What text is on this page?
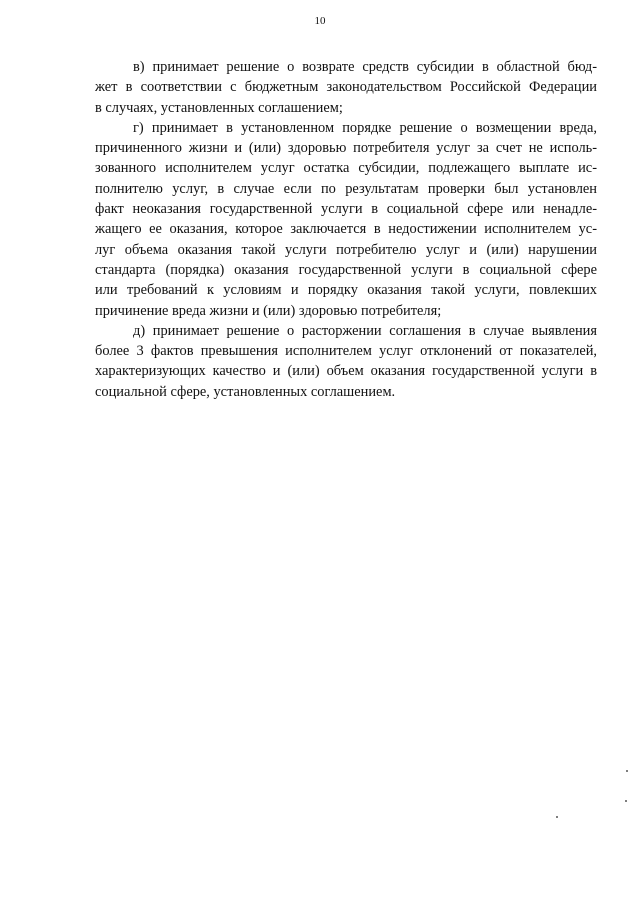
10
в) принимает решение о возврате средств субсидии в областной бюд-
жет в соответствии с бюджетным законодательством Российской Федерации
в случаях, установленных соглашением;
г) принимает в установленном порядке решение о возмещении вреда,
причиненного жизни и (или) здоровью потребителя услуг за счет не исполь-
зованного исполнителем услуг остатка субсидии, подлежащего выплате ис-
полнителю услуг, в случае если по результатам проверки был установлен
факт неоказания государственной услуги в социальной сфере или ненадле-
жащего ее оказания, которое заключается в недостижении исполнителем ус-
луг объема оказания такой услуги потребителю услуг и (или) нарушении
стандарта (порядка) оказания государственной услуги в социальной сфере
или требований к условиям и порядку оказания такой услуги, повлекших
причинение вреда жизни и (или) здоровью потребителя;
д) принимает решение о расторжении соглашения в случае выявления
более 3 фактов превышения исполнителем услуг отклонений от показателей,
характеризующих качество и (или) объем оказания государственной услуги в
социальной сфере, установленных соглашением.
